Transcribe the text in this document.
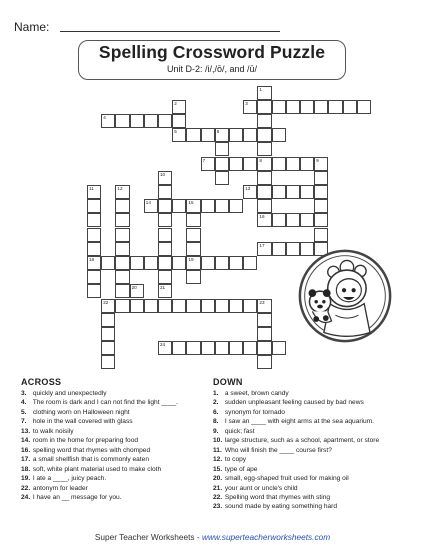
Name:
Spelling Crossword Puzzle
Unit D-2: /i/,/ō/, and /ū/
3
4
5	6
7	8	9
13
14	15
16
17
18	19
22	23
24
1
2
10
21
11	12
20
ACROSS
3. quickly and unexpectedly
4. The room is dark and I can not find the light ____.
5. clothing worn on Halloween night
7. hole in the wall covered with glass
13. to walk noisily
14. room in the home for preparing food
16. spelling word that rhymes with chomped
17. a small shellfish that is commonly eaten
18. soft, white plant material used to make cloth
19. I ate a ____, juicy peach.
22. antonym for leader
24. I have an __ message for you.
DOWN
1. a sweet, brown candy
2. sudden unpleasant feeling caused by bad news
6. synonym for tornado
8. I saw an ____ with eight arms at the sea aquarium.
9. quick; fast
10. large structure, such as a school, apartment, or store
11. Who will finish the ____ course first?
12. to copy
15. type of ape
20. small, egg-shaped fruit used for making oil
21. your aunt or uncle's child
22. Spelling word that rhymes with sting
23. sound made by eating something hard
Super Teacher Worksheets - www.superteacherworksheets.com
